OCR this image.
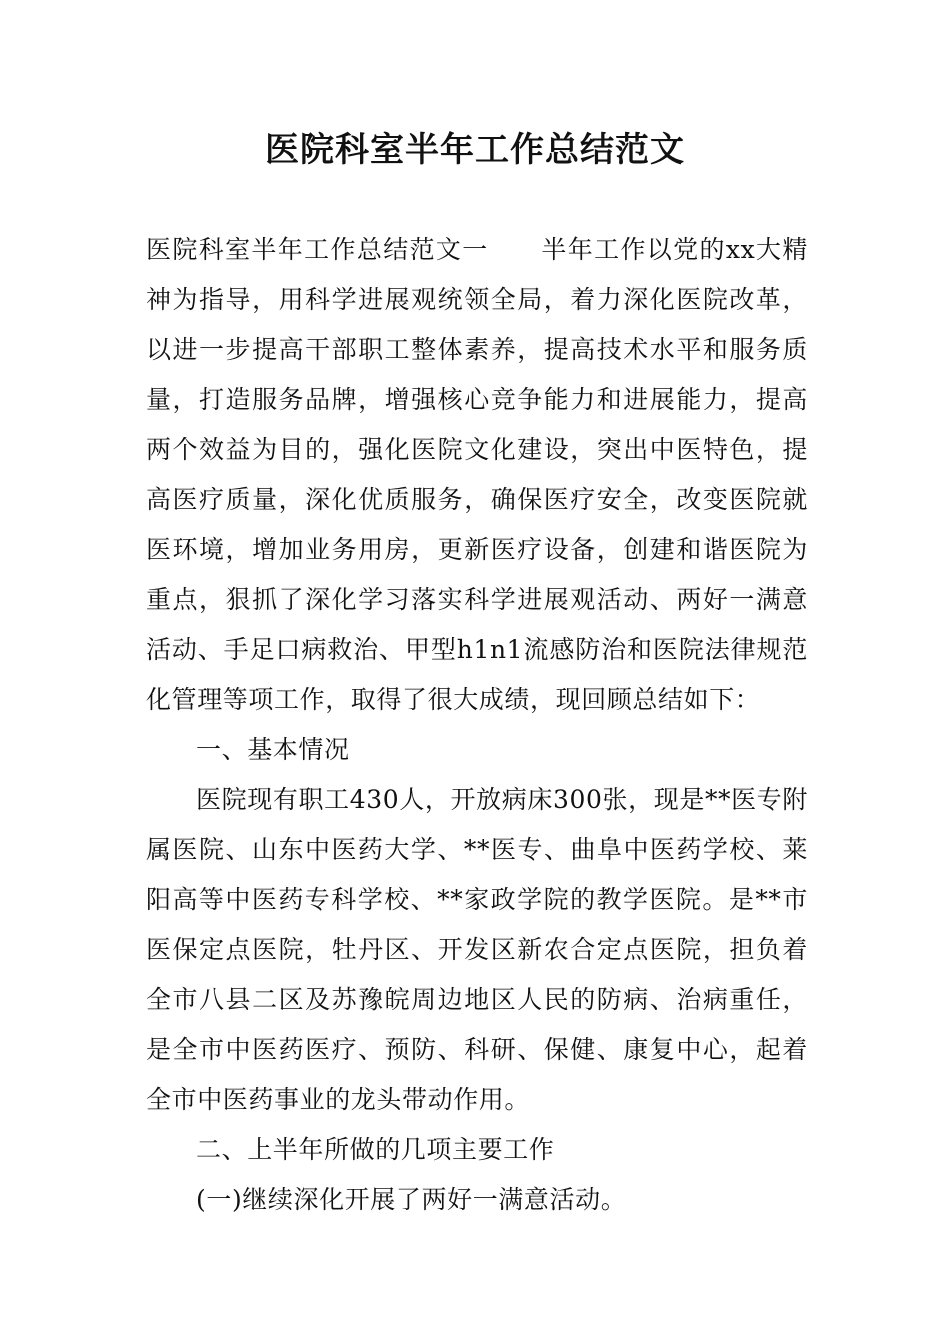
医院科室半年工作总结范文

医院科室半年工作总结范文一　　半年工作以党的xx大精神为指导，用科学进展观统领全局，着力深化医院改革，以进一步提高干部职工整体素养，提高技术水平和服务质量，打造服务品牌，增强核心竞争能力和进展能力，提高两个效益为目的，强化医院文化建设，突出中医特色，提高医疗质量，深化优质服务，确保医疗安全，改变医院就医环境，增加业务用房，更新医疗设备，创建和谐医院为重点，狠抓了深化学习落实科学进展观活动、两好一满意活动、手足口病救治、甲型h1n1流感防治和医院法律规范化管理等项工作，取得了很大成绩，现回顾总结如下：

一、基本情况

医院现有职工430人，开放病床300张，现是**医专附属医院、山东中医药大学、**医专、曲阜中医药学校、莱阳高等中医药专科学校、**家政学院的教学医院。是**市医保定点医院，牡丹区、开发区新农合定点医院，担负着全市八县二区及苏豫皖周边地区人民的防病、治病重任，是全市中医药医疗、预防、科研、保健、康复中心，起着全市中医药事业的龙头带动作用。

二、上半年所做的几项主要工作

(一)继续深化开展了两好一满意活动。
